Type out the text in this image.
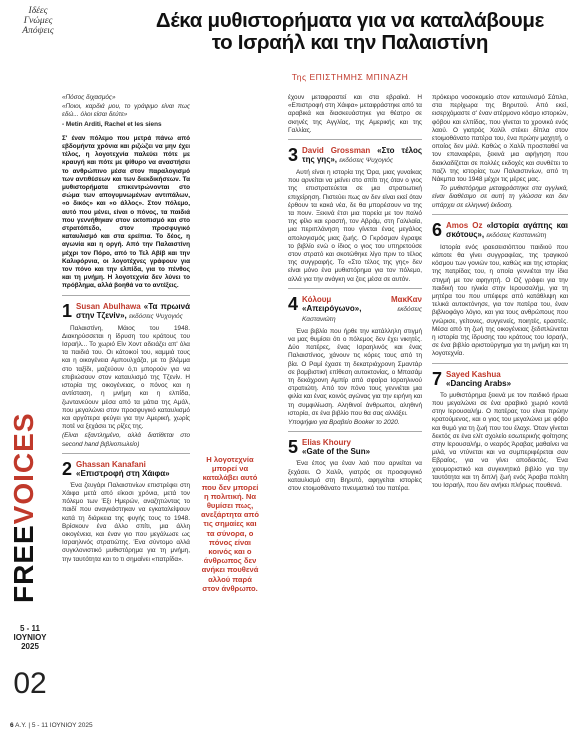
Ιδέες
Γνώμες
Απόψεις
FREEVOICES
5 - 11
ΙΟΥΝΙΟΥ
2025
02
Δέκα μυθιστορήματα για να καταλάβουμε
το Ισραήλ και την Παλαιστίνη
Της ΕΠΙΣΤΗΜΗΣ ΜΠΙΝΑΖΗ

«Πόσος διχασμός»

«Ποιοι, καρδιά μου, το γράψιμο είναι πως εδώ... όλοι είσαι δεύτε»

- Metin Arditi, Rachel et les siens

Σ' έναν πόλεμο που μετρά πάνω από εβδομήντα χρόνια και ριζώζει να μην έχει τέλος, η λογοτεχνία παλεύει πότε με κραυγή και πότε με ψίθυρο να αναστήσει το ανθρώπινο μέσα στον παραλογισμό των αντιθέσεων και των διεκδικήσεων. Τα μυθιστορήματα επικεντρώνονται στο σώμα των απογυμνωμένων αντιπάλων, «ο δικός» και «ο άλλος». Στον πόλεμο, αυτό που μένει, είναι ο πόνος, τα παιδιά που γεννήθηκαν στον εκτοπισμό και στο στρατόπεδο, στον προσφυγικό καταυλισμό και στα ερείπια. Το δέος, η αγωνία και η οργή. Από την Παλαιστίνη μέχρι τον Πόρο, από το Τελ Αβίβ και την Καλιφόρνια, οι λογοτέχνες γράφουν για τον πόνο και την ελπίδα, για το πένθος και τη μνήμη. Η λογοτεχνία δεν λύνει το πρόβλημα, αλλά βοηθά να το αντέξεις.

1 Susan Abulhawa «Τα πρωινά στην Τζενίν», εκδόσεις Ψυχογιός

Παλαιστίνη, Μάιος του 1948. Διακηρύσσεται η ίδρυση του κράτους του Ισραήλ... Το χωριό Εϊν Χοντ αδειάζει απ' όλα τα παιδιά του. Οι κάτοικοί του, καμμιά τους και η οικογένεια Αμπουλχάζα, με το βλέμμα στο ταξίδι, μαζεύουν ό,τι μπορούν για να επιβιώσουν στον καταυλισμό της Τζενίν. Η ιστορία της οικογένειας, ο πόνος και η αντίσταση, η μνήμη και η ελπίδα, ζωντανεύουν μέσα από τα μάτια της Αμάλ, που μεγαλώνει στον προσφυγικό καταυλισμό και αργότερα φεύγει για την Αμερική, χωρίς ποτέ να ξεχάσει τις ρίζες της.

(Είναι εξαντλημένο, αλλά διατίθεται στο second hand βιβλιοπωλείο)

2 Ghassan Kanafani
«Επιστροφή στη Χάιφα»

Ένα ζευγάρι Παλαιστινίων επιστρέφει στη Χάιφα μετά από είκοσι χρόνια, μετά τον πόλεμο των Έξι Ημερών, αναζητώντας το παιδί που αναγκάστηκαν να εγκαταλείψουν κατά τη διάρκεια της φυγής τους το 1948. Βρίσκουν ένα άλλο σπίτι, μια άλλη οικογένεια, και έναν γιο που μεγάλωσε ως Ισραηλινός στρατιώτης. Ένα σύντομο αλλά συγκλονιστικό μυθιστόρημα για τη μνήμη, την ταυτότητα και το τι σημαίνει «πατρίδα».

Η λογοτεχνία μπορεί να καταλάβει αυτό που δεν μπορεί η πολιτική. Να θυμίσει πως, ανεξάρτητα από τις σημαίες και τα σύνορα, ο πόνος είναι κοινός και ο άνθρωπος δεν ανήκει πουθενά αλλού παρά στον άνθρωπο.

έχουν μεταφραστεί και στα εβραϊκά. Η «Επιστροφή στη Χάιφα» μεταφράστηκε από τα αραβικά και διασκευάστηκε για θέατρο σε σκηνές της Αγγλίας, της Αμερικής και της Γαλλίας.

3 David Grossman «Στο τέλος της γης», εκδόσεις Ψυχογιός

Αυτή είναι η ιστορία της Όρα, μιας γυναίκας που αρνείται να μείνει στο σπίτι της όταν ο γιος της επιστρατεύεται σε μια στρατιωτική επιχείρηση. Πιστεύει πως αν δεν είναι εκεί όταν έρθουν τα κακά νέα, δε θα μπορέσουν να της τα πουν. Ξεκινά έτσι μια πορεία με τον παλιό της φίλο και εραστή, τον Αβράμ, στη Γαλιλαία, μια περιπλάνηση που γίνεται ένας μεγάλος απολογισμός μιας ζωής. Ο Γκρόσμαν έγραψε το βιβλίο ενώ ο ίδιος ο γιος του υπηρετούσε στον στρατό και σκοτώθηκε λίγο πριν το τέλος της συγγραφής. Το «Στο τέλος της γης» δεν είναι μόνο ένα μυθιστόρημα για τον πόλεμο, αλλά για την ανάγκη να ζεις μέσα σε αυτόν.

4 Κόλουμ ΜακΚαν «Απειρόγωνο»,	εκδόσεις Καστανιώτη

Ένα βιβλίο που ήρθε την κατάλληλη στιγμή να μας θυμίσει ότι ο πόλεμος δεν έχει νικητές. Δύο πατέρες, ένας Ισραηλινός και ένας Παλαιστίνιος, χάνουν τις κόρες τους από τη βία. Ο Ραμί έχασε τη δεκατριάχρονη Σμαντάρ σε βομβιστική επίθεση αυτοκτονίας, ο Μπασάμ τη δεκάχρονη Αμπίρ από σφαίρα Ισραηλινού στρατιώτη. Από τον πόνο τους γεννιέται μια φιλία και ένας κοινός αγώνας για την ειρήνη και τη συμφιλίωση. Αληθινοί άνθρωποι, αληθινή ιστορία, σε ένα βιβλίο που θα σας αλλάξει.

Υποψήφιο για Βραβείο Booker το 2020.

5 Elias Khoury
«Gate of the Sun»

Ένα έπος για έναν λαό που αρνείται να ξεχάσει. Ο Χαλίλ, γιατρός σε προσφυγικό καταυλισμό στη Βηρυτό, αφηγείται ιστορίες στον ετοιμοθάνατο πνευματικό του πατέρα.

πρόκειρο νοσοκομείο στον καταυλισμό Σάτιλα, στα περίχωρα της Βηρυτού. Από εκεί, εισερχόμαστε σ' έναν ατέρμονο κόσμο ιστοριών, φόβου και ελπίδας, που γίνεται το χρονικό ενός λαού. Ο γιατρός Χαλίλ στέκει δίπλα στον ετοιμοθάνατο πατέρα του, ένα πρώην μαχητή, ο οποίος δεν μιλά. Καθώς ο Χαλίλ προσπαθεί να τον επαναφέρει, ξεκινά μια αφήγηση που διακλαδίζεται σε πολλές εκδοχές και συνθέτει το παζλ της ιστορίας των Παλαιστινίων, από τη Νάκμπα του 1948 μέχρι τις μέρες μας.

Το μυθιστόρημα μεταφράστηκε στα αγγλικά, είναι διαθέσιμο σε αυτή τη γλώσσα και δεν υπάρχει σε ελληνική έκδοση.

6 Amos Oz «Ιστορία αγάπης και σκότους», εκδόσεις Καστανιώτη

Ιστορία ενός ιραεσεισιόπτου παιδιού που κάποτε θα γίνει συγγραφέας, της τραγικού κόσμου των γονιών του, καθώς και της ιστορίας της πατρίδας του, η οποία γεννιέται την ίδια στιγμή με τον αφηγητή. Ο Οζ γράφει για την παιδική του ηλικία στην Ιερουσαλήμ, για τη μητέρα του που υπέφερε από κατάθλιψη και τελικά αυτοκτόνησε, για τον πατέρα του, έναν βιβλιοφάγο λόγιο, και για τους ανθρώπους που γνώρισε, γείτονες, συγγενείς, ποιητές, εραστές. Μέσα από τη ζωή της οικογένειας ξεδιπλώνεται η ιστορία της ίδρυσης του κράτους του Ισραήλ, σε ένα βιβλίο αριστούργημα για τη μνήμη και τη λογοτεχνία.

7 Sayed Kashua
«Dancing Arabs»

Το μυθιστόρημα ξεκινά με τον παιδικό ήρωα που μεγαλώνει σε ένα αραβικό χωριό κοντά στην Ιερουσαλήμ. Ο πατέρας του είναι πρώην κρατούμενος, και ο γιος του μεγαλώνει με φόβο και θυμό για τη ζωή που του έλαχε. Όταν γίνεται δεκτός σε ένα ελίτ σχολείο εσωτερικής φοίτησης στην Ιερουσαλήμ, ο νεαρός Άραβας μαθαίνει να μιλά, να ντύνεται και να συμπεριφέρεται σαν Εβραίος, για να γίνει αποδεκτός. Ένα χιουμοριστικό και συγκινητικό βιβλίο για την ταυτότητα και τη διπλή ζωή ενός Άραβα πολίτη του Ισραήλ, που δεν ανήκει πλήρως πουθενά.

6 Α.Υ. | 5 - 11 ΙΟΥΝΙΟΥ 2025
